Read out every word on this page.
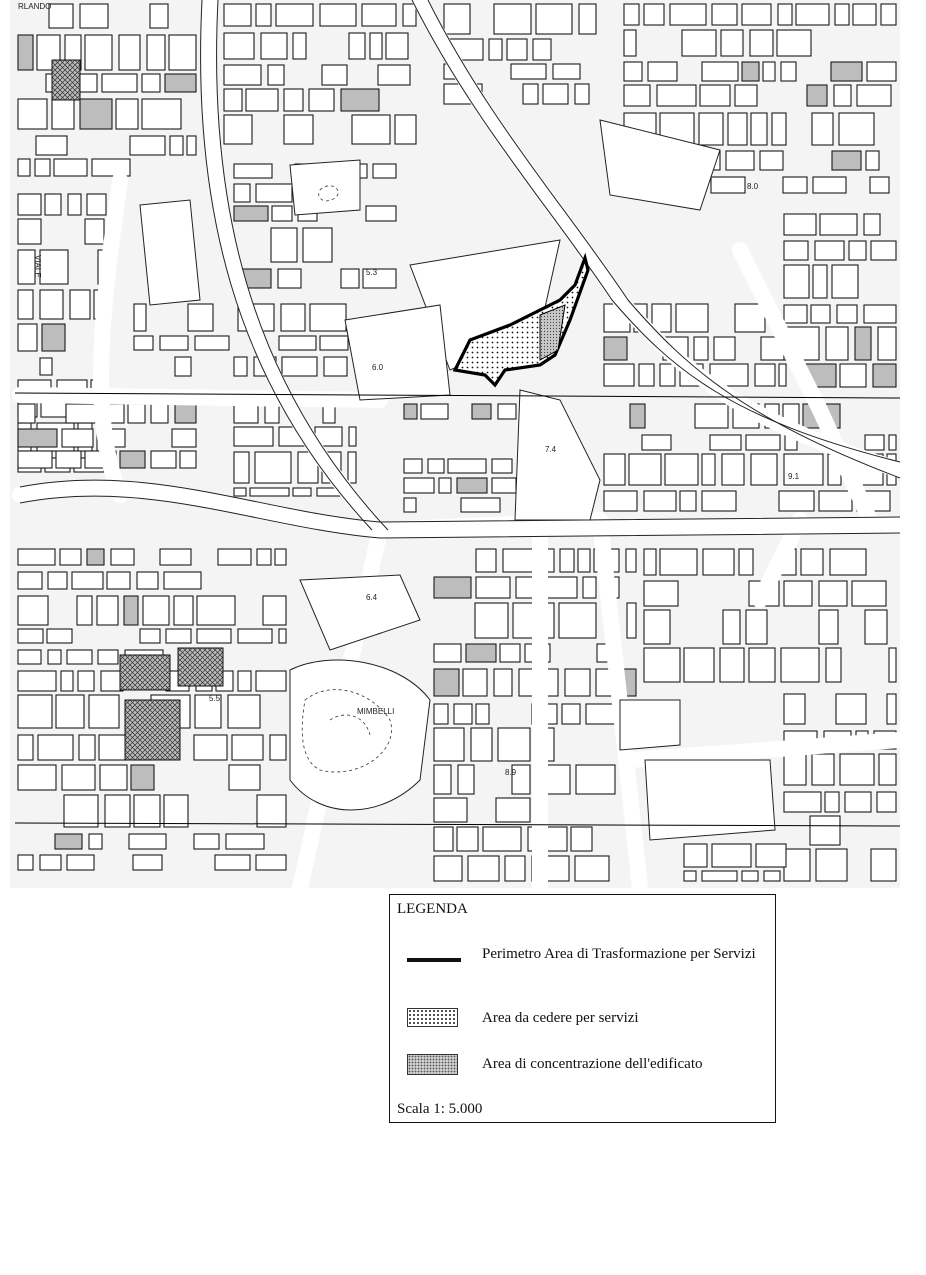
RLANDO
VIALE
MIMBELLI
5.3
6.0
7.4
8.0
6.4
5.5
8.9
9.1
LEGENDA
Perimetro Area di Trasformazione per Servizi
Area da cedere per servizi
Area di concentrazione dell'edificato
Scala 1: 5.000
